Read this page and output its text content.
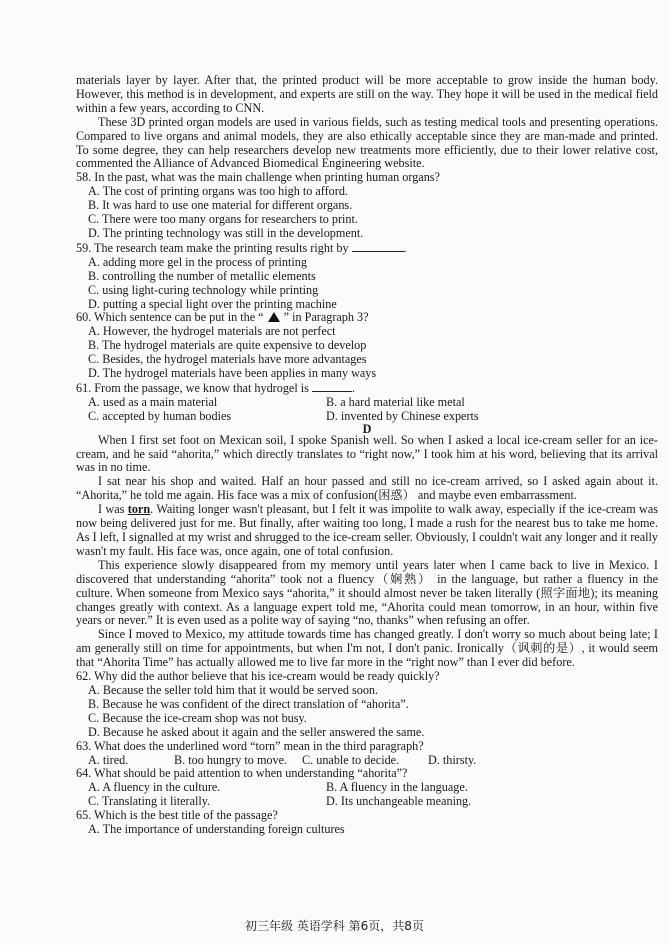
materials layer by layer. After that, the printed product will be more acceptable to grow inside the human body. However, this method is in development, and experts are still on the way. They hope it will be used in the medical field within a few years, according to CNN.

These 3D printed organ models are used in various fields, such as testing medical tools and presenting operations. Compared to live organs and animal models, they are also ethically acceptable since they are man-made and printed. To some degree, they can help researchers develop new treatments more efficiently, due to their lower relative cost, commented the Alliance of Advanced Biomedical Engineering website.

58. In the past, what was the main challenge when printing human organs?

A. The cost of printing organs was too high to afford.

B. It was hard to use one material for different organs.

C. There were too many organs for researchers to print.

D. The printing technology was still in the development.

59. The research team make the printing results right by	.

A. adding more gel in the process of printing

B. controlling the number of metallic elements

C. using light-curing technology while printing

D. putting a special light over the printing machine

60. Which sentence can be put in the “ ” in Paragraph 3?

A. However, the hydrogel materials are not perfect

B. The hydrogel materials are quite expensive to develop

C. Besides, the hydrogel materials have more advantages

D. The hydrogel materials have been applies in many ways

61. From the passage, we know that hydrogel is	.

A. used as a main material	B. a hard material like metal
C. accepted by human bodies	D. invented by Chinese experts

D

When I first set foot on Mexican soil, I spoke Spanish well. So when I asked a local ice-cream seller for an ice-cream, and he said “ahorita,” which directly translates to “right now,” I took him at his word, believing that its arrival was in no time.

I sat near his shop and waited. Half an hour passed and still no ice-cream arrived, so I asked again about it. “Ahorita,” he told me again. His face was a mix of confusion(困惑） and maybe even embarrassment.

I was torn. Waiting longer wasn't pleasant, but I felt it was impolite to walk away, especially if the ice-cream was now being delivered just for me. But finally, after waiting too long, I made a rush for the nearest bus to take me home. As I left, I signalled at my wrist and shrugged to the ice-cream seller. Obviously, I couldn't wait any longer and it really wasn't my fault. His face was, once again, one of total confusion.

This experience slowly disappeared from my memory until years later when I came back to live in Mexico. I discovered that understanding “ahorita” took not a fluency（娴熟） in the language, but rather a fluency in the culture. When someone from Mexico says “ahorita,” it should almost never be taken literally (照字面地); its meaning changes greatly with context. As a language expert told me, “Ahorita could mean tomorrow, in an hour, within five years or never.” It is even used as a polite way of saying “no, thanks” when refusing an offer.

Since I moved to Mexico, my attitude towards time has changed greatly. I don't worry so much about being late; I am generally still on time for appointments, but when I'm not, I don't panic. Ironically（讽刺的是）, it would seem that “Ahorita Time” has actually allowed me to live far more in the “right now” than I ever did before.

62. Why did the author believe that his ice-cream would be ready quickly?

A. Because the seller told him that it would be served soon.

B. Because he was confident of the direct translation of “ahorita”.

C. Because the ice-cream shop was not busy.

D. Because he asked about it again and the seller answered the same.

63. What does the underlined word “torn” mean in the third paragraph?

A. tired.	B. too hungry to move.	C. unable to decide.	D. thirsty.

64. What should be paid attention to when understanding “ahorita”?

A. A fluency in the culture.	B. A fluency in the language.
C. Translating it literally.	D. Its unchangeable meaning.

65. Which is the best title of the passage?

A. The importance of understanding foreign cultures

初三年级 英语学科 第6页，共8页
